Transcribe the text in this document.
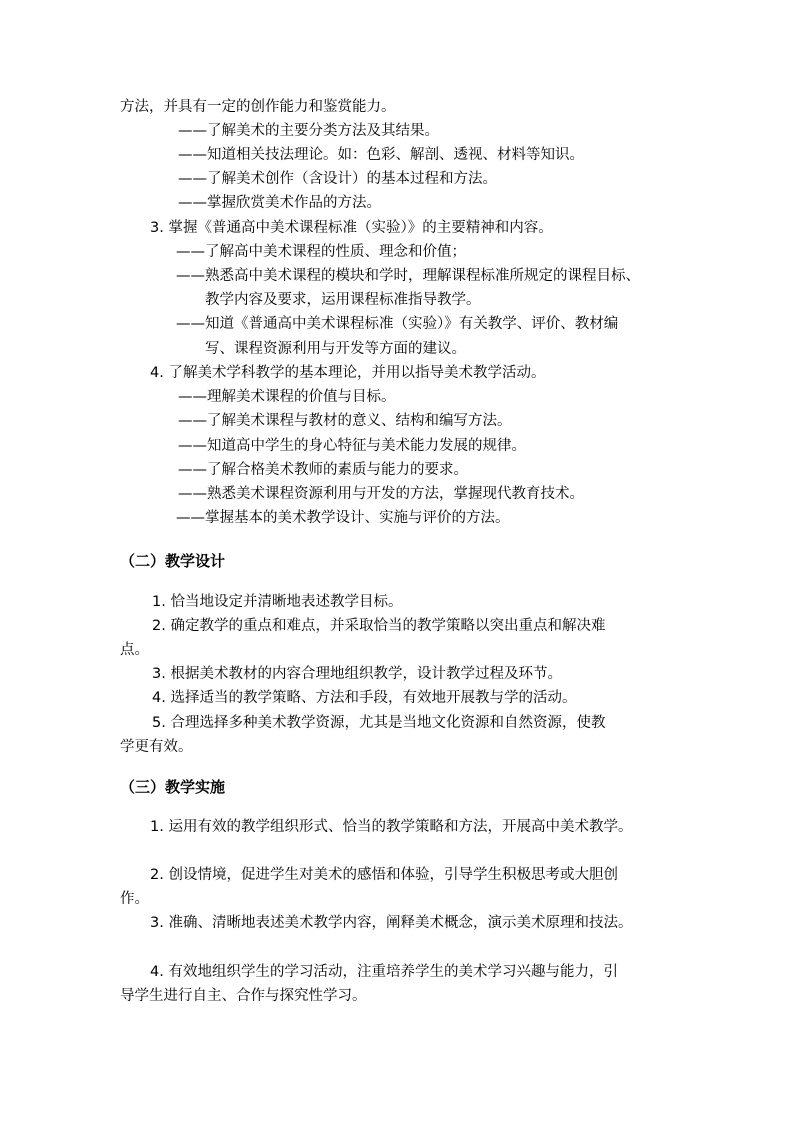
方法，并具有一定的创作能力和鉴赏能力。
——了解美术的主要分类方法及其结果。
——知道相关技法理论。如：色彩、解剖、透视、材料等知识。
——了解美术创作（含设计）的基本过程和方法。
——掌握欣赏美术作品的方法。
3. 掌握《普通高中美术课程标准（实验）》的主要精神和内容。
——了解高中美术课程的性质、理念和价值；
——熟悉高中美术课程的模块和学时，理解课程标准所规定的课程目标、
教学内容及要求，运用课程标准指导教学。
——知道《普通高中美术课程标准（实验）》有关教学、评价、教材编
写、课程资源利用与开发等方面的建议。
4. 了解美术学科教学的基本理论，并用以指导美术教学活动。
——理解美术课程的价值与目标。
——了解美术课程与教材的意义、结构和编写方法。
——知道高中学生的身心特征与美术能力发展的规律。
——了解合格美术教师的素质与能力的要求。
——熟悉美术课程资源利用与开发的方法，掌握现代教育技术。
——掌握基本的美术教学设计、实施与评价的方法。
（二）教学设计
1. 恰当地设定并清晰地表述教学目标。
2. 确定教学的重点和难点，并采取恰当的教学策略以突出重点和解决难
点。
3. 根据美术教材的内容合理地组织教学，设计教学过程及环节。
4. 选择适当的教学策略、方法和手段，有效地开展教与学的活动。
5. 合理选择多种美术教学资源，尤其是当地文化资源和自然资源，使教
学更有效。
（三）教学实施
1. 运用有效的教学组织形式、恰当的教学策略和方法，开展高中美术教学。
2. 创设情境，促进学生对美术的感悟和体验，引导学生积极思考或大胆创
作。
3. 准确、清晰地表述美术教学内容，阐释美术概念，演示美术原理和技法。
4. 有效地组织学生的学习活动，注重培养学生的美术学习兴趣与能力，引
导学生进行自主、合作与探究性学习。
